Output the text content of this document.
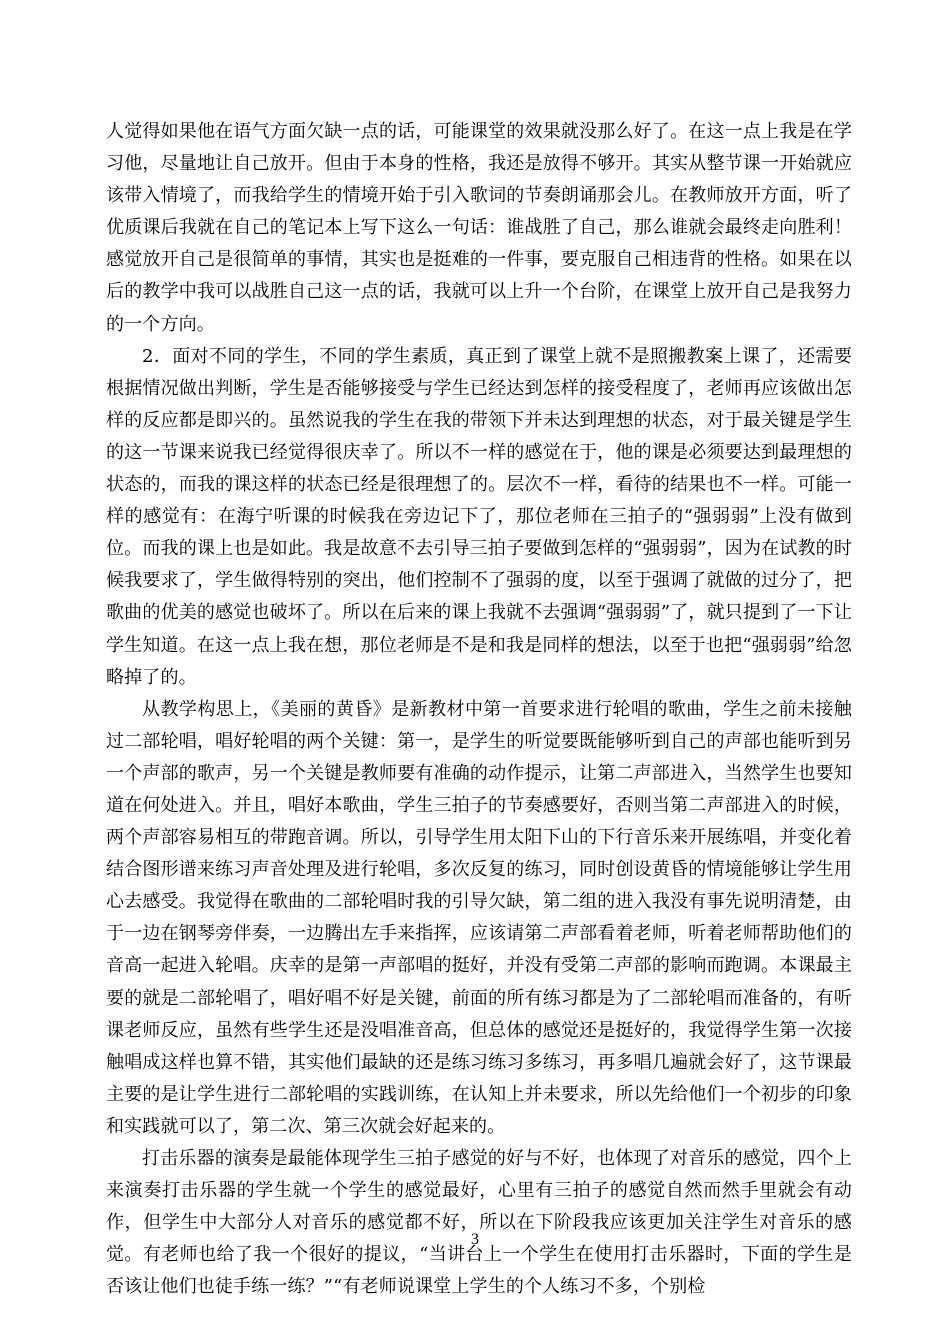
人觉得如果他在语气方面欠缺一点的话，可能课堂的效果就没那么好了。在这一点上我是在学习他，尽量地让自己放开。但由于本身的性格，我还是放得不够开。其实从整节课一开始就应该带入情境了，而我给学生的情境开始于引入歌词的节奏朗诵那会儿。在教师放开方面，听了优质课后我就在自己的笔记本上写下这么一句话：谁战胜了自己，那么谁就会最终走向胜利！感觉放开自己是很简单的事情，其实也是挺难的一件事，要克服自己相违背的性格。如果在以后的教学中我可以战胜自己这一点的话，我就可以上升一个台阶，在课堂上放开自己是我努力的一个方向。

2．面对不同的学生，不同的学生素质，真正到了课堂上就不是照搬教案上课了，还需要根据情况做出判断，学生是否能够接受与学生已经达到怎样的接受程度了，老师再应该做出怎样的反应都是即兴的。虽然说我的学生在我的带领下并未达到理想的状态，对于最关键是学生的这一节课来说我已经觉得很庆幸了。所以不一样的感觉在于，他的课是必须要达到最理想的状态的，而我的课这样的状态已经是很理想了的。层次不一样，看待的结果也不一样。可能一样的感觉有：在海宁听课的时候我在旁边记下了，那位老师在三拍子的“强弱弱”上没有做到位。而我的课上也是如此。我是故意不去引导三拍子要做到怎样的“强弱弱”，因为在试教的时候我要求了，学生做得特别的突出，他们控制不了强弱的度，以至于强调了就做的过分了，把歌曲的优美的感觉也破坏了。所以在后来的课上我就不去强调“强弱弱”了，就只提到了一下让学生知道。在这一点上我在想，那位老师是不是和我是同样的想法，以至于也把“强弱弱”给忽略掉了的。

从教学构思上，《美丽的黄昏》是新教材中第一首要求进行轮唱的歌曲，学生之前未接触过二部轮唱，唱好轮唱的两个关键：第一，是学生的听觉要既能够听到自己的声部也能听到另一个声部的歌声，另一个关键是教师要有准确的动作提示，让第二声部进入，当然学生也要知道在何处进入。并且，唱好本歌曲，学生三拍子的节奏感要好，否则当第二声部进入的时候，两个声部容易相互的带跑音调。所以，引导学生用太阳下山的下行音乐来开展练唱，并变化着结合图形谱来练习声音处理及进行轮唱，多次反复的练习，同时创设黄昏的情境能够让学生用心去感受。我觉得在歌曲的二部轮唱时我的引导欠缺，第二组的进入我没有事先说明清楚，由于一边在钢琴旁伴奏，一边腾出左手来指挥，应该请第二声部看着老师，听着老师帮助他们的音高一起进入轮唱。庆幸的是第一声部唱的挺好，并没有受第二声部的影响而跑调。本课最主要的就是二部轮唱了，唱好唱不好是关键，前面的所有练习都是为了二部轮唱而准备的，有听课老师反应，虽然有些学生还是没唱准音高，但总体的感觉还是挺好的，我觉得学生第一次接触唱成这样也算不错，其实他们最缺的还是练习练习多练习，再多唱几遍就会好了，这节课最主要的是让学生进行二部轮唱的实践训练，在认知上并未要求，所以先给他们一个初步的印象和实践就可以了，第二次、第三次就会好起来的。

打击乐器的演奏是最能体现学生三拍子感觉的好与不好，也体现了对音乐的感觉，四个上来演奏打击乐器的学生就一个学生的感觉最好，心里有三拍子的感觉自然而然手里就会有动作，但学生中大部分人对音乐的感觉都不好，所以在下阶段我应该更加关注学生对音乐的感觉。有老师也给了我一个很好的提议，“当讲台上一个学生在使用打击乐器时，下面的学生是否该让他们也徒手练一练？”“有老师说课堂上学生的个人练习不多，个别检

3
